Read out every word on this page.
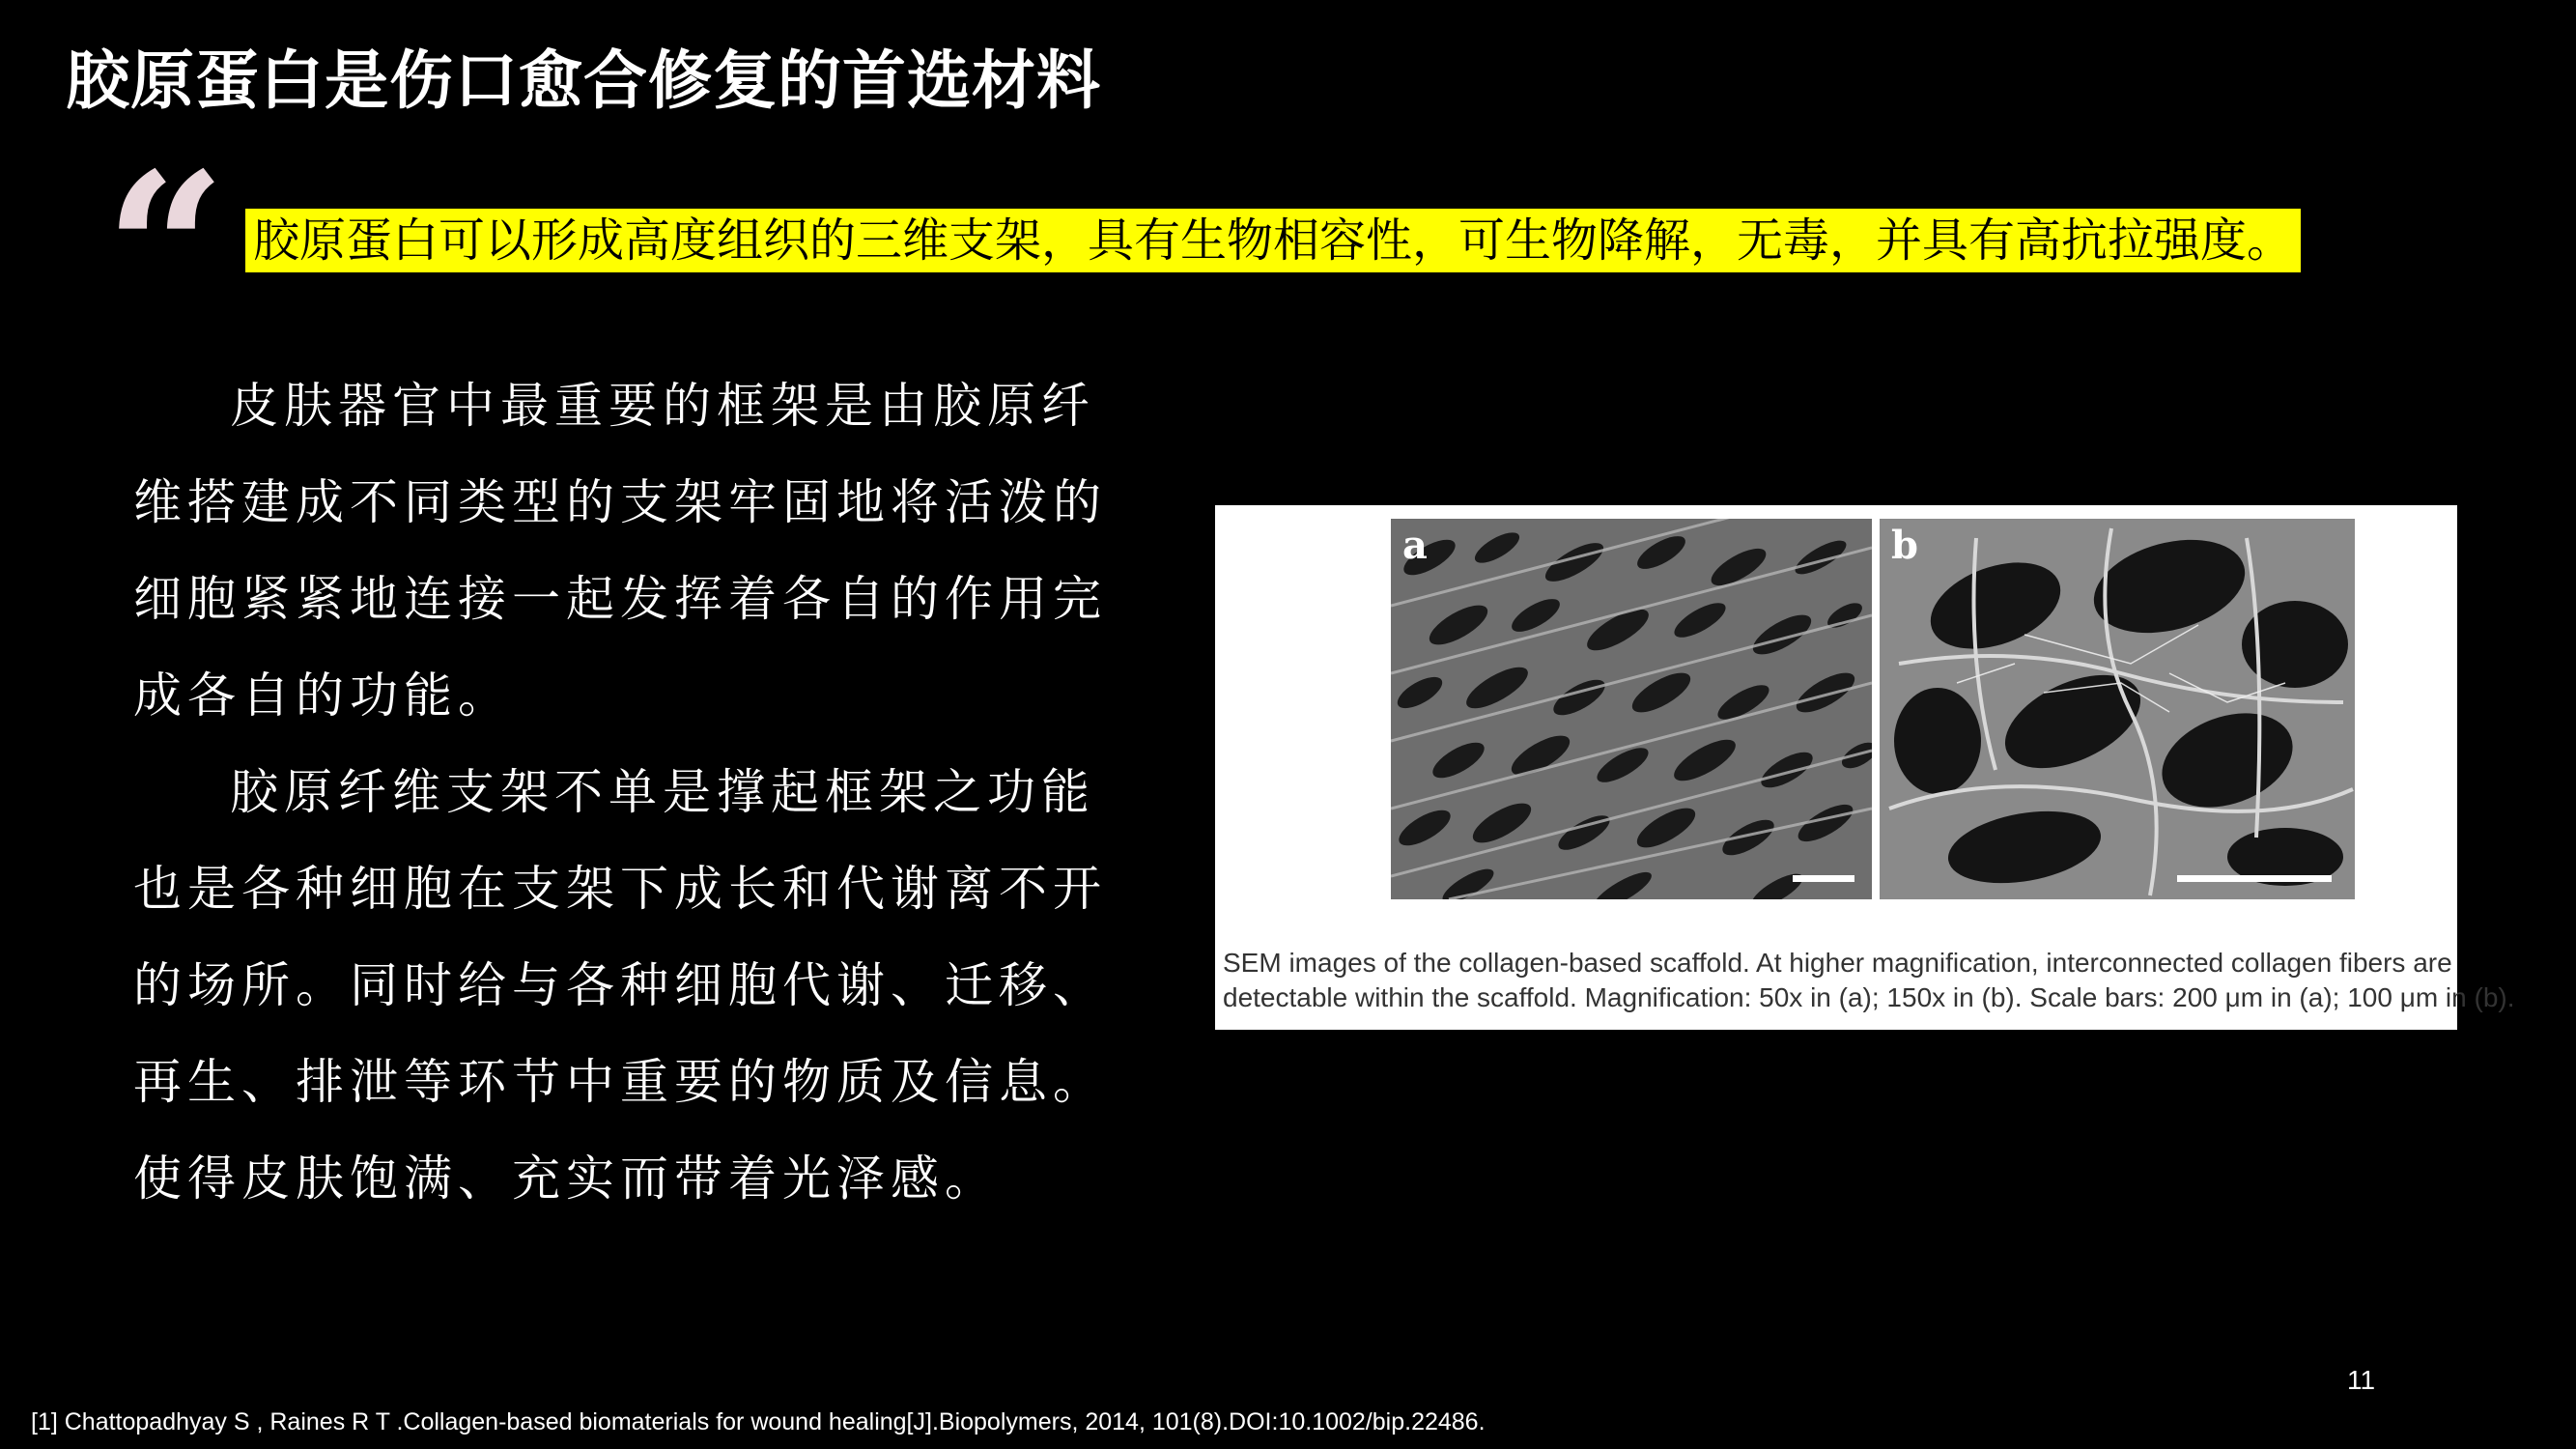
胶原蛋白是伤口愈合修复的首选材料
“ 胶原蛋白可以形成高度组织的三维支架，具有生物相容性，可生物降解，无毒，并具有高抗拉强度。

皮肤器官中最重要的框架是由胶原纤维搭建成不同类型的支架牢固地将活泼的细胞紧紧地连接一起发挥着各自的作用完成各自的功能。

胶原纤维支架不单是撑起框架之功能也是各种细胞在支架下成长和代谢离不开的场所。同时给与各种细胞代谢、迁移、再生、排泄等环节中重要的物质及信息。使得皮肤饱满、充实而带着光泽感。

a	b
SEM images of the collagen-based scaffold. At higher magnification, interconnected collagen fibers are
detectable within the scaffold. Magnification: 50x in (a); 150x in (b). Scale bars: 200 μm in (a); 100 μm in (b).
11
[1] Chattopadhyay S , Raines R T .Collagen-based biomaterials for wound healing[J].Biopolymers, 2014, 101(8).DOI:10.1002/bip.22486.
